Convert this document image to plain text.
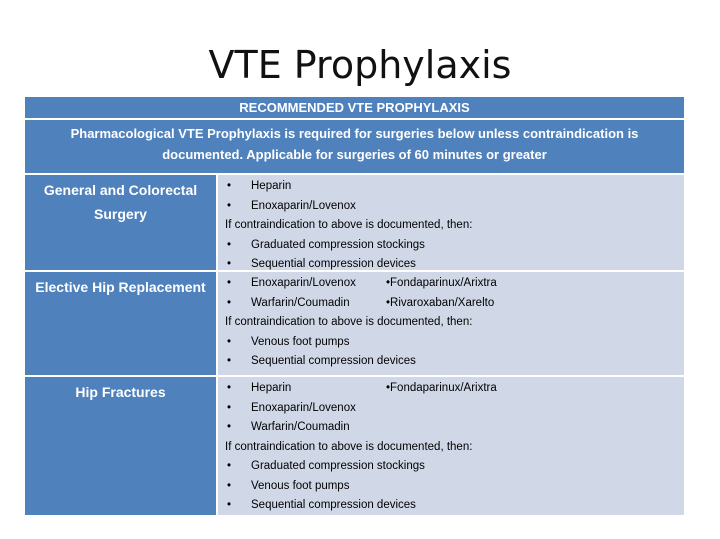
VTE Prophylaxis
RECOMMENDED VTE PROPHYLAXIS
Pharmacological VTE Prophylaxis is required for surgeries below unless contraindication is documented. Applicable for surgeries of 60 minutes or greater
General and Colorectal Surgery
•	Heparin
•	Enoxaparin/Lovenox
If contraindication to above is documented, then:
•	Graduated compression stockings
•	Sequential compression devices
Elective Hip Replacement	•	Enoxaparin/Lovenox	•Fondaparinux/Arixtra
•	Warfarin/Coumadin	•Rivaroxaban/Xarelto
If contraindication to above is documented, then:
•	Venous foot pumps
•	Sequential compression devices
Hip Fractures	•	Heparin	•Fondaparinux/Arixtra
•	Enoxaparin/Lovenox
•	Warfarin/Coumadin
If contraindication to above is documented, then:
•	Graduated compression stockings
•	Venous foot pumps
•	Sequential compression devices
